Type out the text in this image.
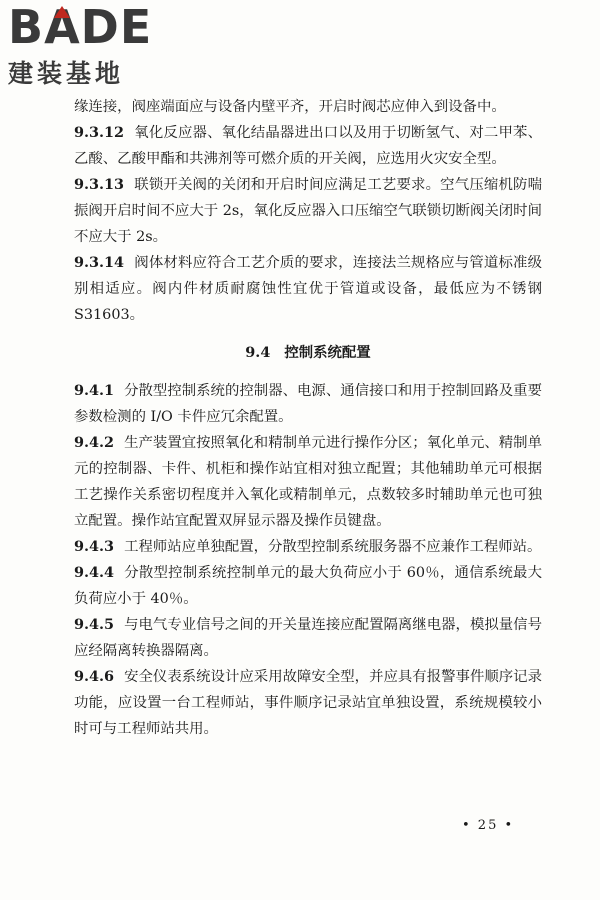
B A DE
建装基地

缘连接，阀座端面应与设备内壁平齐，开启时阀芯应伸入到设备中。

9.3.12 氧化反应器、氧化结晶器进出口以及用于切断氢气、对二甲苯、乙酸、乙酸甲酯和共沸剂等可燃介质的开关阀，应选用火灾安全型。

9.3.13 联锁开关阀的关闭和开启时间应满足工艺要求。空气压缩机防喘振阀开启时间不应大于 2s，氧化反应器入口压缩空气联锁切断阀关闭时间不应大于 2s。

9.3.14 阀体材料应符合工艺介质的要求，连接法兰规格应与管道标准级别相适应。阀内件材质耐腐蚀性宜优于管道或设备，最低应为不锈钢 S31603。

9.4 控制系统配置

9.4.1 分散型控制系统的控制器、电源、通信接口和用于控制回路及重要参数检测的 I/O 卡件应冗余配置。

9.4.2 生产装置宜按照氧化和精制单元进行操作分区；氧化单元、精制单元的控制器、卡件、机柜和操作站宜相对独立配置；其他辅助单元可根据工艺操作关系密切程度并入氧化或精制单元，点数较多时辅助单元也可独立配置。操作站宜配置双屏显示器及操作员键盘。

9.4.3 工程师站应单独配置，分散型控制系统服务器不应兼作工程师站。

9.4.4 分散型控制系统控制单元的最大负荷应小于 60％，通信系统最大负荷应小于 40％。

9.4.5 与电气专业信号之间的开关量连接应配置隔离继电器，模拟量信号应经隔离转换器隔离。

9.4.6 安全仪表系统设计应采用故障安全型，并应具有报警事件顺序记录功能，应设置一台工程师站，事件顺序记录站宜单独设置，系统规模较小时可与工程师站共用。

• 25 •
